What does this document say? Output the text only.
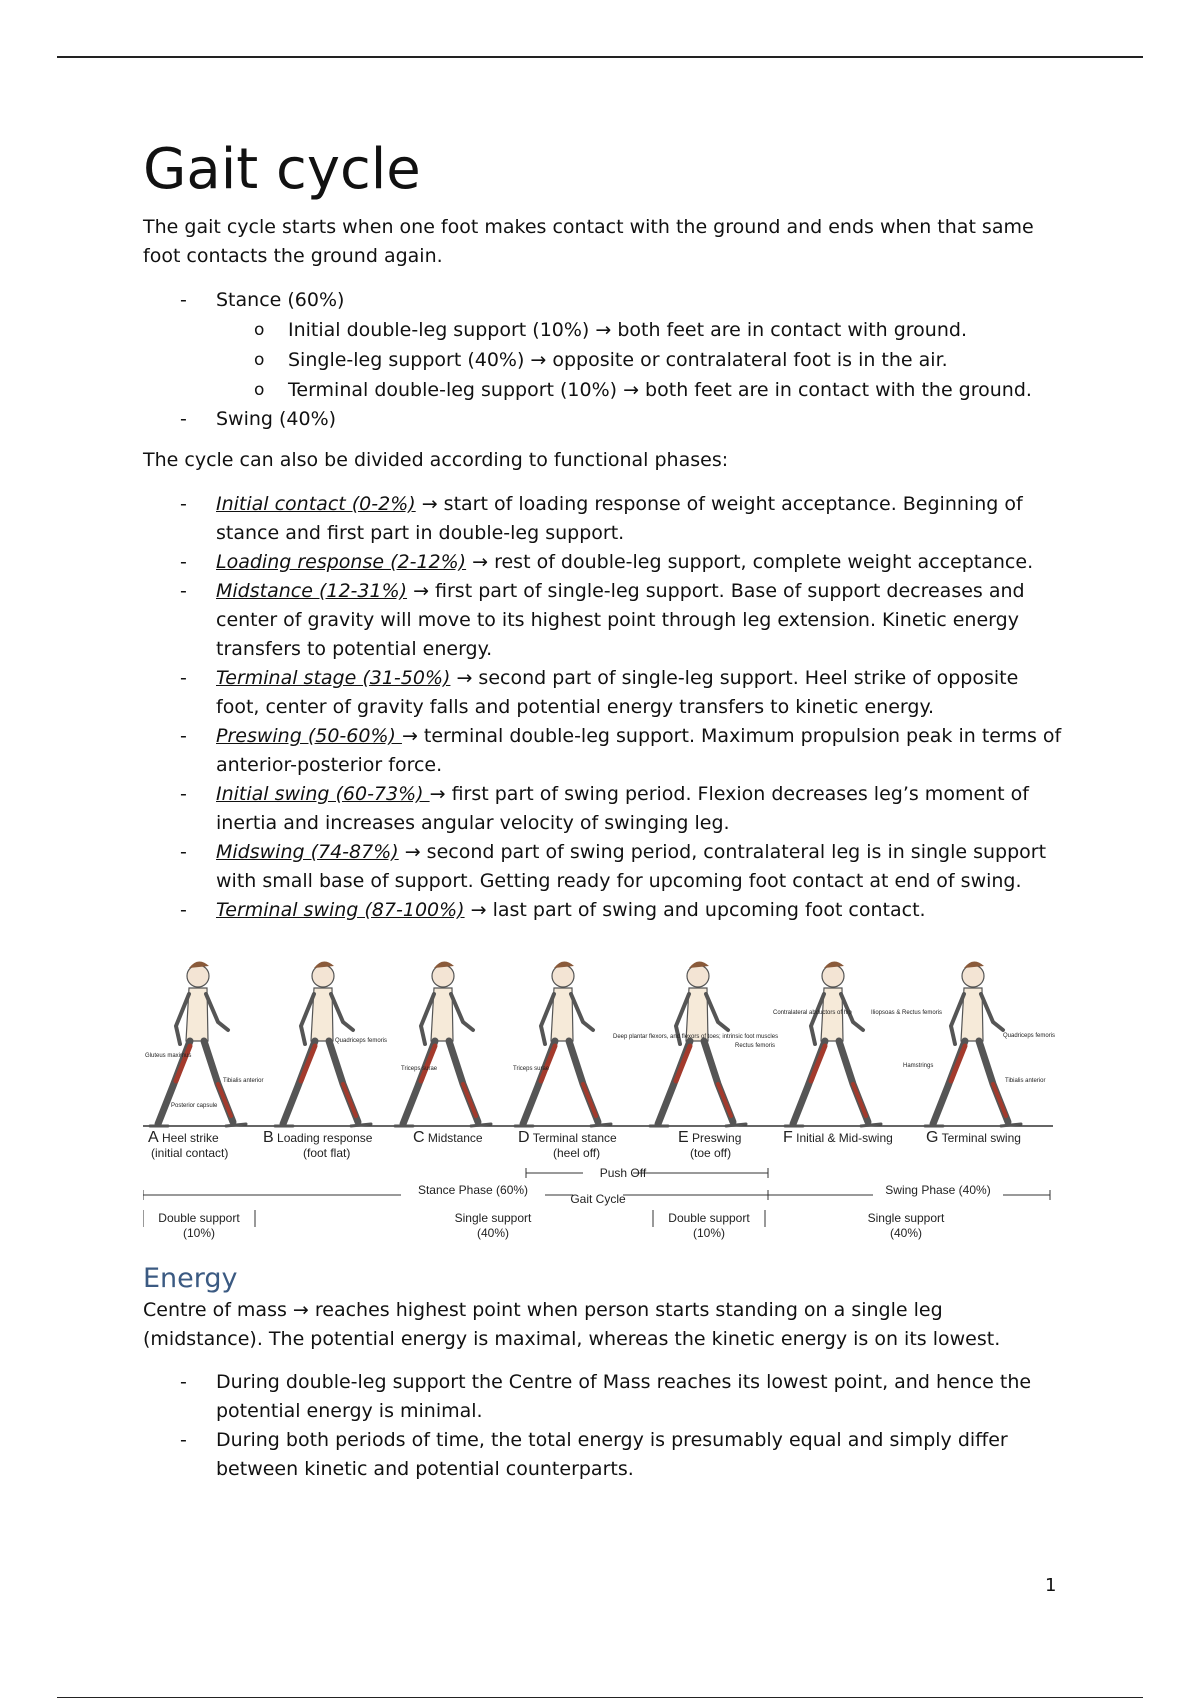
Gait cycle

The gait cycle starts when one foot makes contact with the ground and ends when that same foot contacts the ground again.

- Stance (60%)
o Initial double-leg support (10%) → both feet are in contact with ground.
o Single-leg support (40%) → opposite or contralateral foot is in the air.
o Terminal double-leg support (10%) → both feet are in contact with the ground.
- Swing (40%)

The cycle can also be divided according to functional phases:

- Initial contact (0-2%) → start of loading response of weight acceptance. Beginning of stance and first part in double-leg support.
- Loading response (2-12%) → rest of double-leg support, complete weight acceptance.
- Midstance (12-31%) → first part of single-leg support. Base of support decreases and center of gravity will move to its highest point through leg extension. Kinetic energy transfers to potential energy.
- Terminal stage (31-50%) → second part of single-leg support. Heel strike of opposite foot, center of gravity falls and potential energy transfers to kinetic energy.
- Preswing (50-60%) → terminal double-leg support. Maximum propulsion peak in terms of anterior-posterior force.
- Initial swing (60-73%) → first part of swing period. Flexion decreases leg’s moment of inertia and increases angular velocity of swinging leg.
- Midswing (74-87%) → second part of swing period, contralateral leg is in single support with small base of support. Getting ready for upcoming foot contact at end of swing.
- Terminal swing (87-100%) → last part of swing and upcoming foot contact.
Gluteus maximus
Tibialis anterior
Posterior capsule
Quadriceps femoris
Triceps surae	Triceps surae
Deep plantar flexors, and flexors of toes; intrinsic foot muscles
Rectus femoris
Contralateral abductors of hip	Iliopsoas & Rectus femoris
Hamstrings
Quadriceps femoris
Tibialis anterior
A Heel strike
(initial contact)
B Loading response
(foot flat)
C Midstance D Terminal stance
(heel off)
E Preswing
(toe off)
F Initial & Mid-swing G Terminal swing
Push Off
Stance Phase (60%)
Gait Cycle
Swing Phase (40%)
Double support
(10%)
Single support
(40%)
Double support
(10%)
Single support
(40%)
Energy

Centre of mass → reaches highest point when person starts standing on a single leg (midstance). The potential energy is maximal, whereas the kinetic energy is on its lowest.

- During double-leg support the Centre of Mass reaches its lowest point, and hence the potential energy is minimal.
- During both periods of time, the total energy is presumably equal and simply differ between kinetic and potential counterparts.
1
